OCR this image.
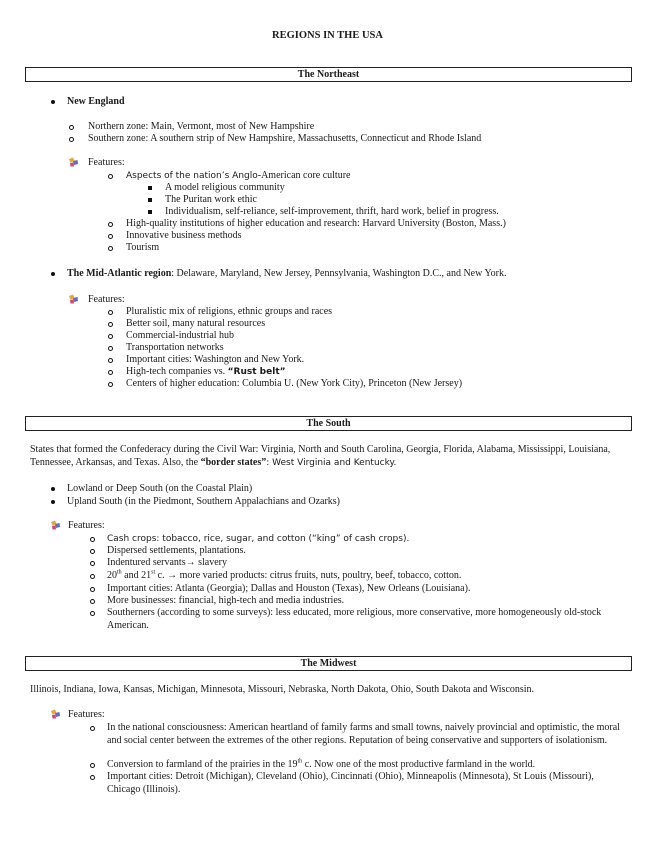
REGIONS IN THE USA
The Northeast
New England
Northern zone: Main, Vermont, most of New Hampshire
Southern zone: A southern strip of New Hampshire, Massachusetts, Connecticut and Rhode Island
Features:
Aspects of the nation’s Anglo-American core culture
A model religious community
The Puritan work ethic
Individualism, self-reliance, self-improvement, thrift, hard work, belief in progress.
High-quality institutions of higher education and research: Harvard University (Boston, Mass.)
Innovative business methods
Tourism
The Mid-Atlantic region: Delaware, Maryland, New Jersey, Pennsylvania, Washington D.C., and New York.
Features:
Pluralistic mix of religions, ethnic groups and races
Better soil, many natural resources
Commercial-industrial hub
Transportation networks
Important cities: Washington and New York.
High-tech companies vs. “Rust belt”
Centers of higher education: Columbia U. (New York City), Princeton (New Jersey)
The South
States that formed the Confederacy during the Civil War: Virginia, North and South Carolina, Georgia, Florida, Alabama, Mississippi, Louisiana, Tennessee, Arkansas, and Texas. Also, the “border states”: West Virginia and Kentucky.
Lowland or Deep South (on the Coastal Plain)
Upland South (in the Piedmont, Southern Appalachians and Ozarks)
Features:
Cash crops: tobacco, rice, sugar, and cotton (“king” of cash crops).
Dispersed settlements, plantations.
Indentured servants→ slavery
20th and 21st c. → more varied products: citrus fruits, nuts, poultry, beef, tobacco, cotton.
Important cities: Atlanta (Georgia); Dallas and Houston (Texas), New Orleans (Louisiana).
More businesses: financial, high-tech and media industries.
Southerners (according to some surveys): less educated, more religious, more conservative, more homogeneously old-stock American.
The Midwest
Illinois, Indiana, Iowa, Kansas, Michigan, Minnesota, Missouri, Nebraska, North Dakota, Ohio, South Dakota and Wisconsin.
Features:
In the national consciousness: American heartland of family farms and small towns, naively provincial and optimistic, the moral and social center between the extremes of the other regions. Reputation of being conservative and supporters of isolationism.
Conversion to farmland of the prairies in the 19th c. Now one of the most productive farmland in the world.
Important cities: Detroit (Michigan), Cleveland (Ohio), Cincinnati (Ohio), Minneapolis (Minnesota), St Louis (Missouri), Chicago (Illinois).
